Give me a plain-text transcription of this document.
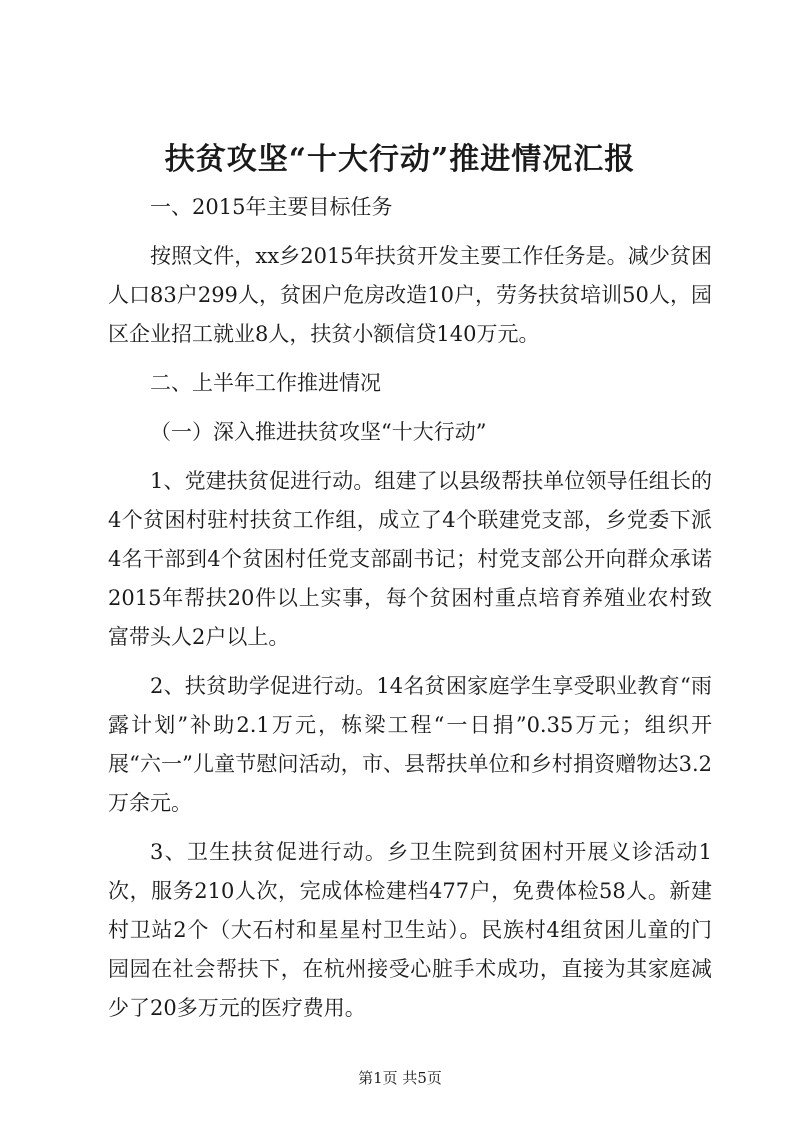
扶贫攻坚“十大行动”推进情况汇报

一、2015年主要目标任务

按照文件，xx乡2015年扶贫开发主要工作任务是。减少贫困人口83户299人，贫困户危房改造10户，劳务扶贫培训50人，园区企业招工就业8人，扶贫小额信贷140万元。

二、上半年工作推进情况

（一）深入推进扶贫攻坚“十大行动”

1、党建扶贫促进行动。组建了以县级帮扶单位领导任组长的4个贫困村驻村扶贫工作组，成立了4个联建党支部，乡党委下派4名干部到4个贫困村任党支部副书记；村党支部公开向群众承诺2015年帮扶20件以上实事，每个贫困村重点培育养殖业农村致富带头人2户以上。

2、扶贫助学促进行动。14名贫困家庭学生享受职业教育“雨露计划”补助2.1万元，栋梁工程“一日捐”0.35万元；组织开展“六一”儿童节慰问活动，市、县帮扶单位和乡村捐资赠物达3.2万余元。

3、卫生扶贫促进行动。乡卫生院到贫困村开展义诊活动1次，服务210人次，完成体检建档477户，免费体检58人。新建村卫站2个（大石村和星星村卫生站）。民族村4组贫困儿童的门园园在社会帮扶下，在杭州接受心脏手术成功，直接为其家庭减少了20多万元的医疗费用。

第1页 共5页
